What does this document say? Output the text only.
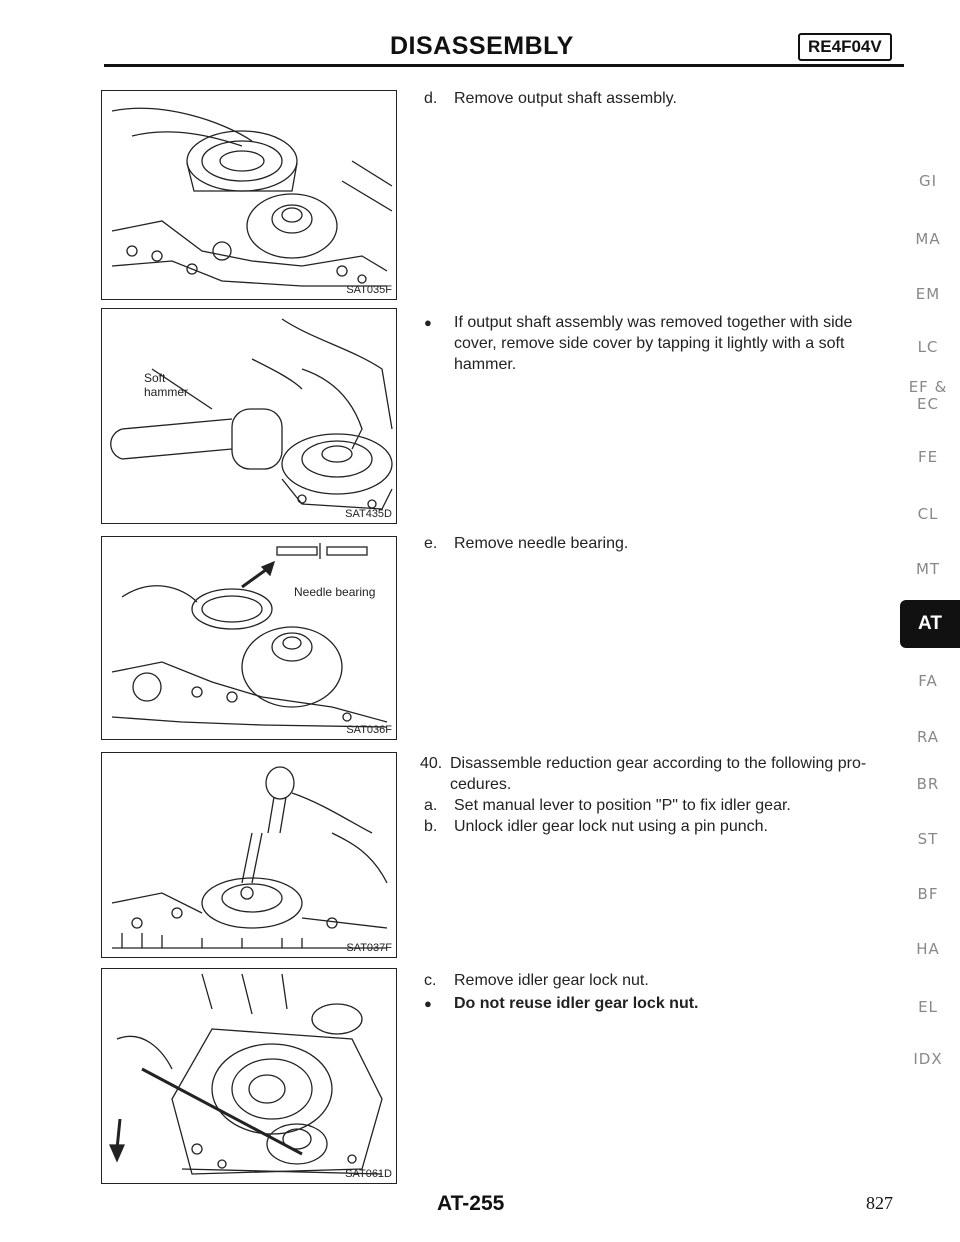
DISASSEMBLY	RE4F04V
SAT035F
Soft
hammer
SAT435D
Needle bearing
SAT036F
SAT037F
SAT061D
d. Remove output shaft assembly.
● If output shaft assembly was removed together with side
cover, remove side cover by tapping it lightly with a soft
hammer.
e. Remove needle bearing.
40. Disassemble reduction gear according to the following pro-
cedures.
a. Set manual lever to position "P" to fix idler gear.
b. Unlock idler gear lock nut using a pin punch.
c. Remove idler gear lock nut.
● Do not reuse idler gear lock nut.
GI
MA
EM
LC
EF &
EC
FE
CL
MT
AT
FA
RA
BR
ST
BF
HA
EL
IDX
AT-255	827
